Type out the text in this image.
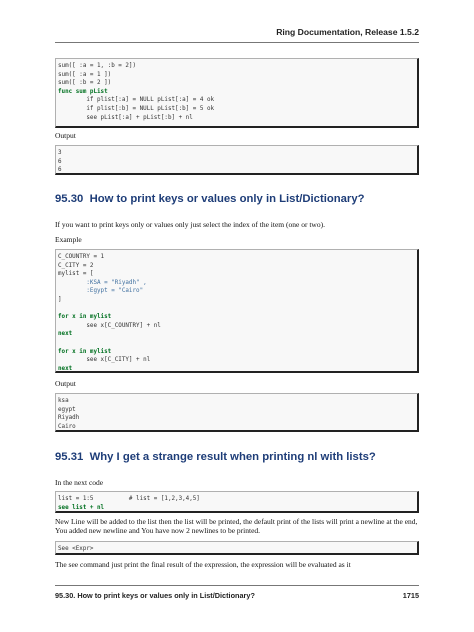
Ring Documentation, Release 1.5.2
sum([ :a = 1, :b = 2])
sum([ :a = 1 ])
sum([ :b = 2 ])
func sum pList
if plist[:a] = NULL pList[:a] = 4 ok
if plist[:b] = NULL pList[:b] = 5 ok
see pList[:a] + pList[:b] + nl
Output
3
6
6
95.30 How to print keys or values only in List/Dictionary?
If you want to print keys only or values only just select the index of the item (one or two).
Example
C_COUNTRY = 1
C_CITY = 2
mylist = [
:KSA = "Riyadh" ,
:Egypt = "Cairo"
]
for x in mylist
see x[C_COUNTRY] + nl
next
for x in mylist
see x[C_CITY] + nl
next
Output
ksa
egypt
Riyadh
Cairo
95.31 Why I get a strange result when printing nl with lists?
In the next code
list = 1:5          # list = [1,2,3,4,5]
see list + nl
New Line will be added to the list then the list will be printed, the default print of the lists will print a newline at the end, You added new newline and You have now 2 newlines to be printed.
See <Expr>
The see command just print the final result of the expression, the expression will be evaluated as it
95.30. How to print keys or values only in List/Dictionary?	1715
